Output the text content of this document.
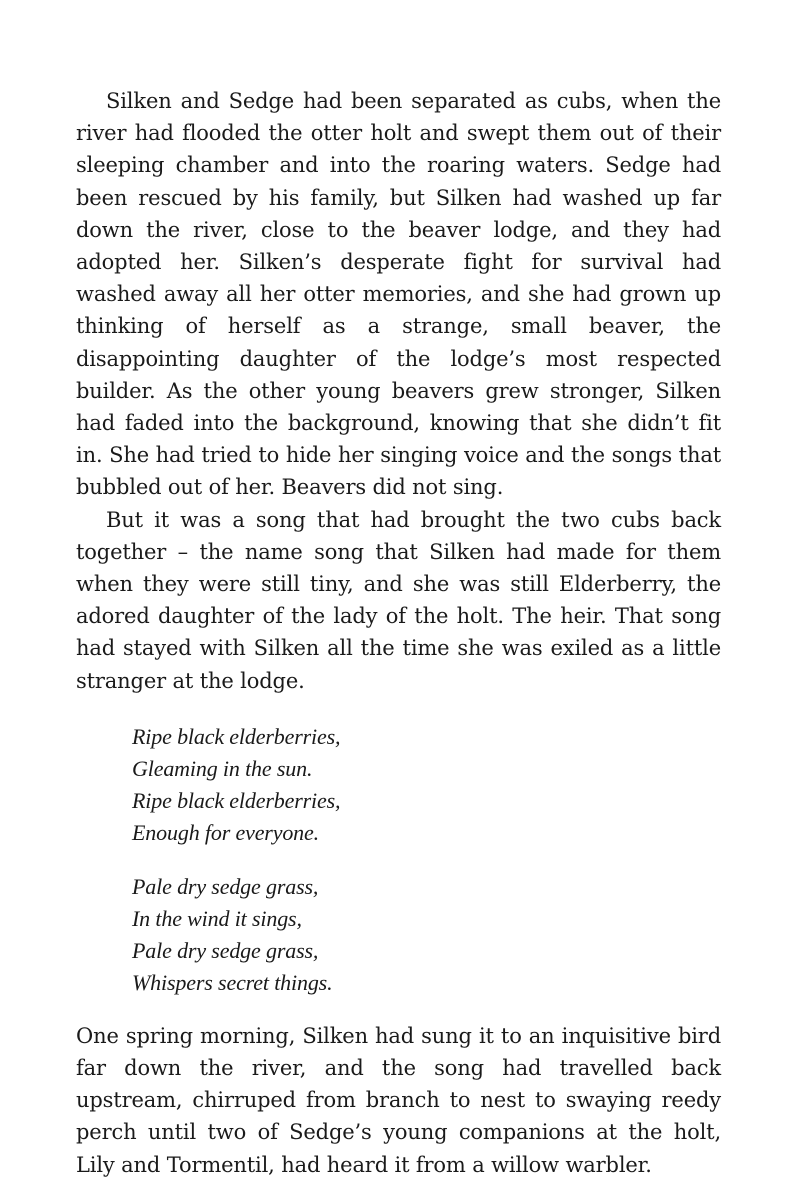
Silken and Sedge had been separated as cubs, when the river had flooded the otter holt and swept them out of their sleeping chamber and into the roaring waters. Sedge had been rescued by his family, but Silken had washed up far down the river, close to the beaver lodge, and they had adopted her. Silken’s desperate fight for survival had washed away all her otter memories, and she had grown up thinking of herself as a strange, small beaver, the disappointing daughter of the lodge’s most respected builder. As the other young beavers grew stronger, Silken had faded into the background, knowing that she didn’t fit in. She had tried to hide her singing voice and the songs that bubbled out of her. Beavers did not sing.

But it was a song that had brought the two cubs back together – the name song that Silken had made for them when they were still tiny, and she was still Elderberry, the adored daughter of the lady of the holt. The heir. That song had stayed with Silken all the time she was exiled as a little stranger at the lodge.

Ripe black elderberries,
Gleaming in the sun.
Ripe black elderberries,
Enough for everyone.
Pale dry sedge grass,
In the wind it sings,
Pale dry sedge grass,
Whispers secret things.

One spring morning, Silken had sung it to an inquisitive bird far down the river, and the song had travelled back upstream, chirruped from branch to nest to swaying reedy perch until two of Sedge’s young companions at the holt, Lily and Tormentil, had heard it from a willow warbler.
